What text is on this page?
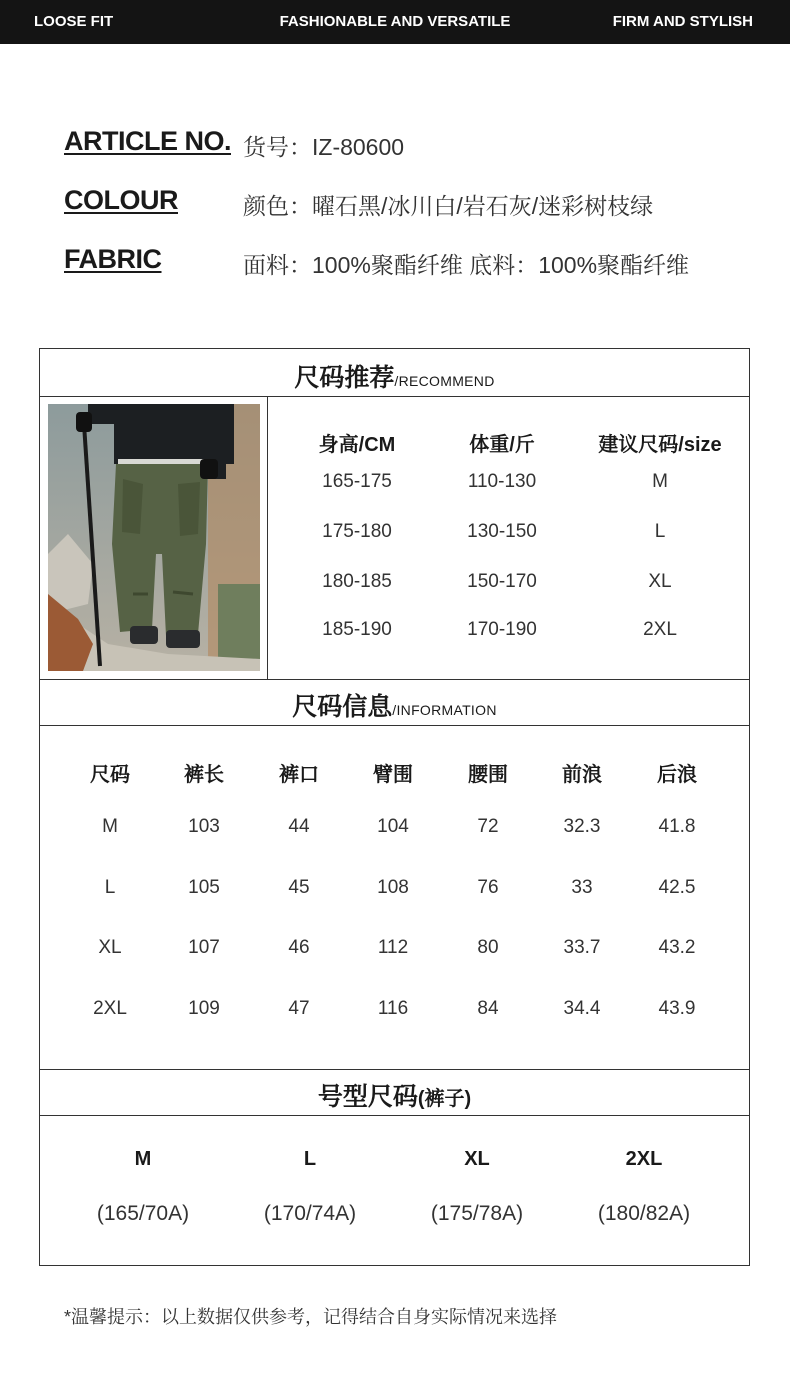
LOOSE FIT	FASHIONABLE AND VERSATILE	FIRM AND STYLISH
ARTICLE NO. 货号：IZ-80600
COLOUR	颜色：曜石黑/冰川白/岩石灰/迷彩树枝绿
FABRIC	面料：100%聚酯纤维 底料：100%聚酯纤维
尺码推荐/RECOMMEND
身高/CM	体重/斤	建议尺码/size
165-175	110-130	M
175-180	130-150	L
180-185	150-170	XL
185-190	170-190	2XL
尺码信息/INFORMATION
尺码	裤长	裤口	臂围	腰围	前浪	后浪
M	103	44	104	72	32.3	41.8
L	105	45	108	76	33	42.5
XL	107	46	112	80	33.7	43.2
2XL	109	47	116	84	34.4	43.9
号型尺码(裤子)
M	L	XL	2XL
(165/70A)	(170/74A)	(175/78A)	(180/82A)
*温馨提示：以上数据仅供参考，记得结合自身实际情况来选择
